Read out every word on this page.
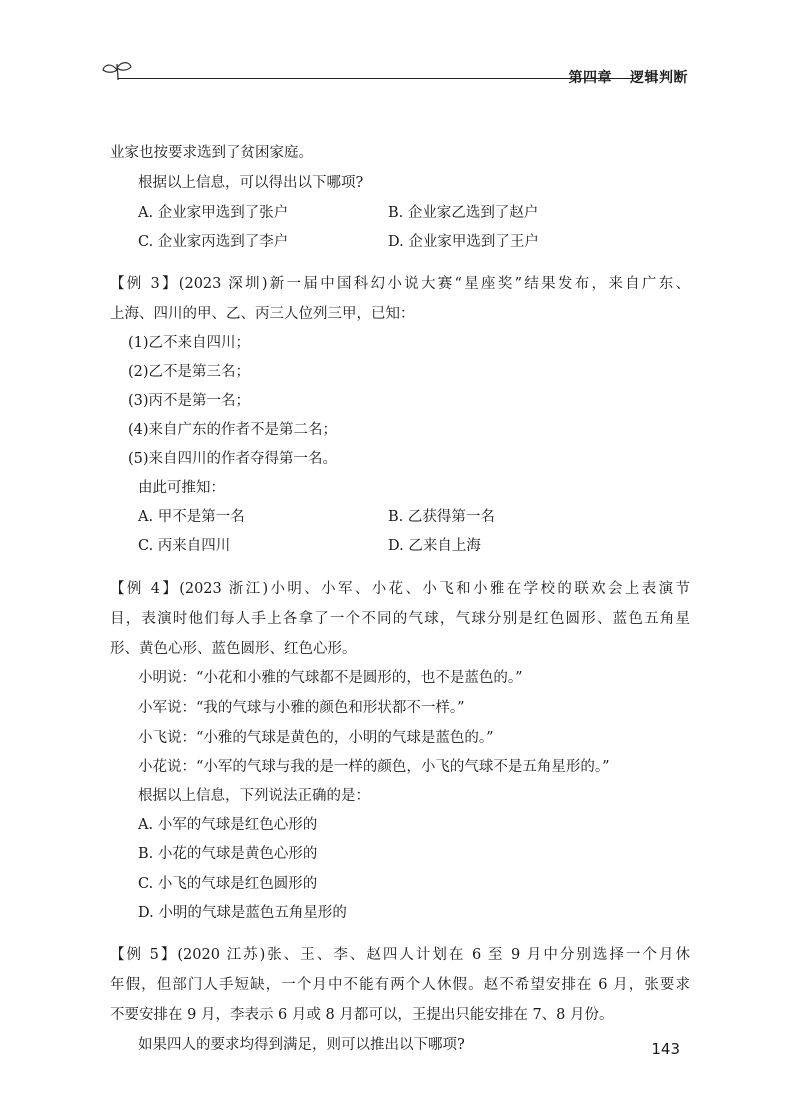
第四章 逻辑判断
业家也按要求选到了贫困家庭。
根据以上信息，可以得出以下哪项?
A. 企业家甲选到了张户	B. 企业家乙选到了赵户
C. 企业家丙选到了李户	D. 企业家甲选到了王户
【例 3】(2023 深圳)新一届中国科幻小说大赛“星座奖”结果发布，来自广东、
上海、四川的甲、乙、丙三人位列三甲，已知：
(1)乙不来自四川；
(2)乙不是第三名；
(3)丙不是第一名；
(4)来自广东的作者不是第二名；
(5)来自四川的作者夺得第一名。
由此可推知：
A. 甲不是第一名	B. 乙获得第一名
C. 丙来自四川	D. 乙来自上海
【例 4】(2023 浙江)小明、小军、小花、小飞和小雅在学校的联欢会上表演节
目，表演时他们每人手上各拿了一个不同的气球，气球分别是红色圆形、蓝色五角星
形、黄色心形、蓝色圆形、红色心形。
小明说：“小花和小雅的气球都不是圆形的，也不是蓝色的。”
小军说：“我的气球与小雅的颜色和形状都不一样。”
小飞说：“小雅的气球是黄色的，小明的气球是蓝色的。”
小花说：“小军的气球与我的是一样的颜色，小飞的气球不是五角星形的。”
根据以上信息，下列说法正确的是：
A. 小军的气球是红色心形的
B. 小花的气球是黄色心形的
C. 小飞的气球是红色圆形的
D. 小明的气球是蓝色五角星形的
【例 5】(2020 江苏)张、王、李、赵四人计划在 6 至 9 月中分别选择一个月休
年假，但部门人手短缺，一个月中不能有两个人休假。赵不希望安排在 6 月，张要求
不要安排在 9 月，李表示 6 月或 8 月都可以，王提出只能安排在 7、8 月份。
如果四人的要求均得到满足，则可以推出以下哪项?	143
